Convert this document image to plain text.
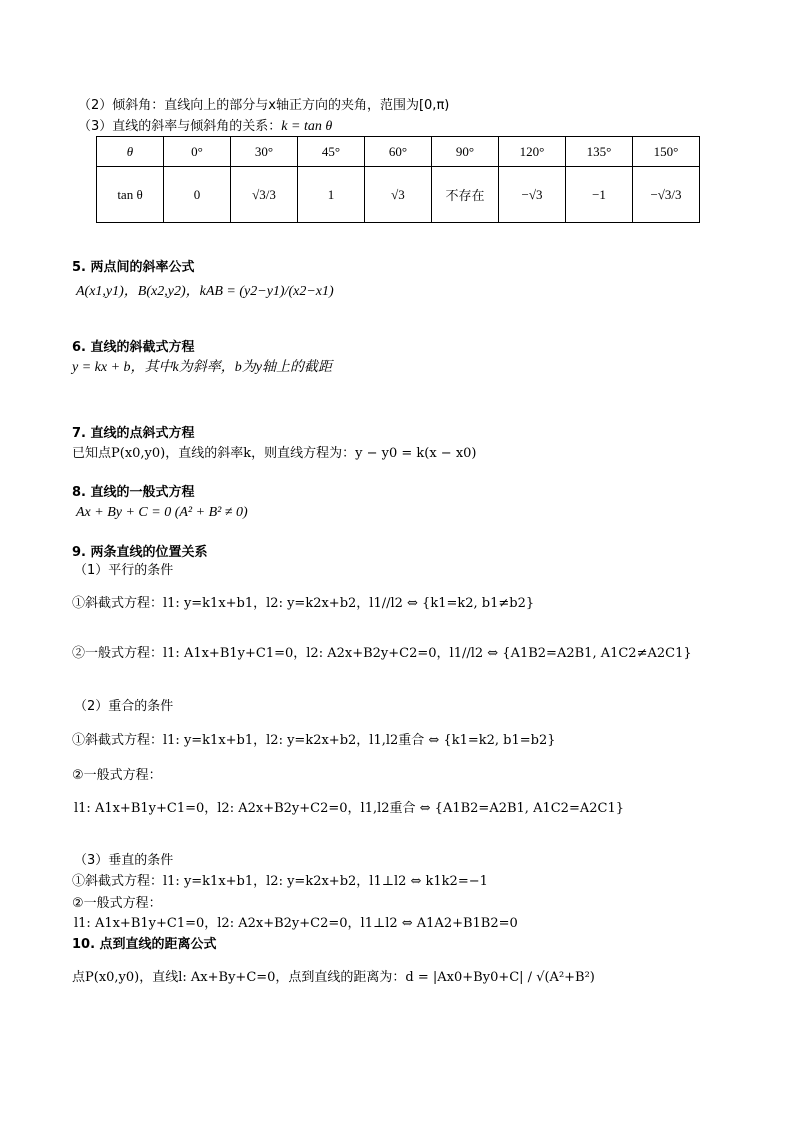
（2）倾斜角：直线向上的部分与x轴正方向的夹角，范围为[0,π)
（3）直线的斜率与倾斜角的关系：k = tan θ
θ	0°	30°	45°	60°	90°	120°	135°	150°
tan θ	0	√3/3	1	√3	不存在	−√3	−1	−√3/3
5. 两点间的斜率公式
A(x1,y1)，B(x2,y2)，kAB = (y2−y1)/(x2−x1)
6. 直线的斜截式方程
y = kx + b，其中k为斜率，b为y轴上的截距
7. 直线的点斜式方程
已知点P(x0,y0)，直线的斜率k，则直线方程为：y − y0 = k(x − x0)
8. 直线的一般式方程
Ax + By + C = 0 (A² + B² ≠ 0)
9. 两条直线的位置关系
（1）平行的条件
①斜截式方程：l1: y=k1x+b1，l2: y=k2x+b2，l1//l2 ⇔ {k1=k2, b1≠b2}
②一般式方程：l1: A1x+B1y+C1=0，l2: A2x+B2y+C2=0，l1//l2 ⇔ {A1B2=A2B1, A1C2≠A2C1}
（2）重合的条件
①斜截式方程：l1: y=k1x+b1，l2: y=k2x+b2，l1,l2重合 ⇔ {k1=k2, b1=b2}
②一般式方程：
l1: A1x+B1y+C1=0，l2: A2x+B2y+C2=0，l1,l2重合 ⇔ {A1B2=A2B1, A1C2=A2C1}
（3）垂直的条件
①斜截式方程：l1: y=k1x+b1，l2: y=k2x+b2，l1⊥l2 ⇔ k1k2=−1
②一般式方程：
l1: A1x+B1y+C1=0，l2: A2x+B2y+C2=0，l1⊥l2 ⇔ A1A2+B1B2=0
10. 点到直线的距离公式
点P(x0,y0)，直线l: Ax+By+C=0，点到直线的距离为：d = |Ax0+By0+C| / √(A²+B²)
